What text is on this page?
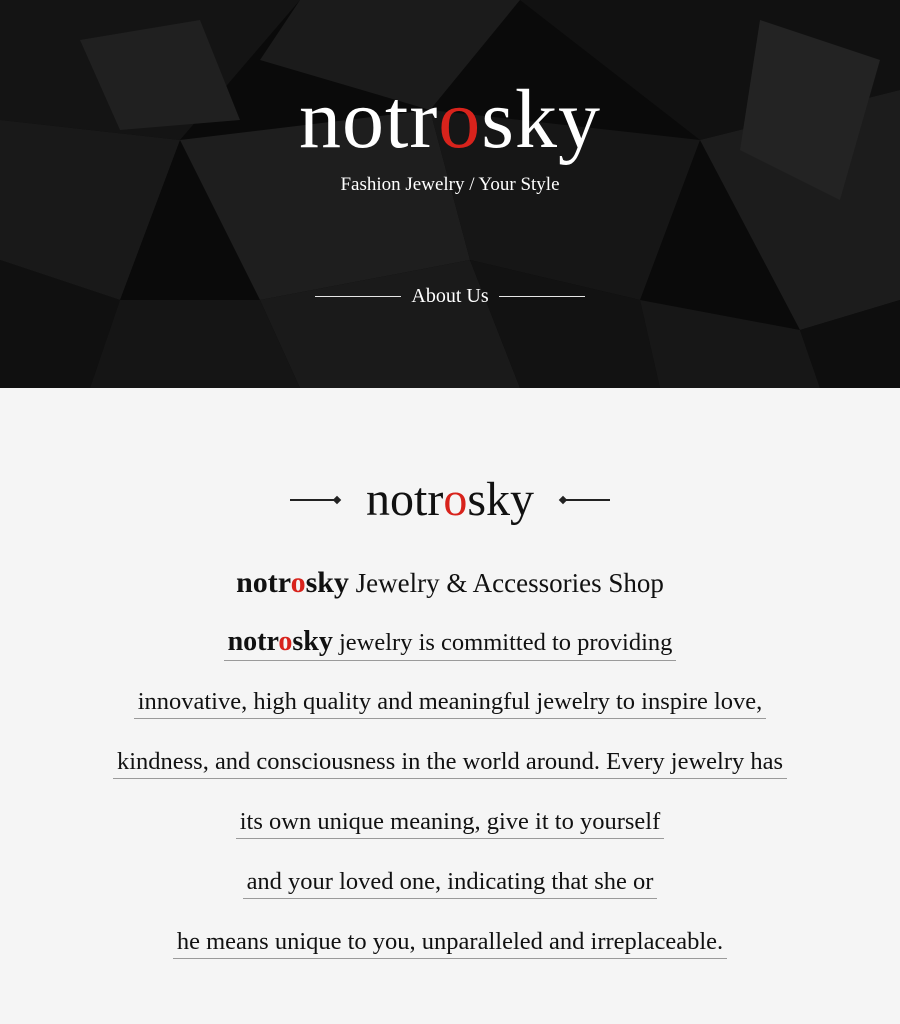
notrosky
Fashion Jewelry / Your Style
About Us
notrosky
notrosky Jewelry & Accessories Shop
notrosky jewelry is committed to providing
innovative, high quality and meaningful jewelry to inspire love,
kindness, and consciousness in the world around. Every jewelry has
its own unique meaning, give it to yourself
and your loved one, indicating that she or
he means unique to you, unparalleled and irreplaceable.
